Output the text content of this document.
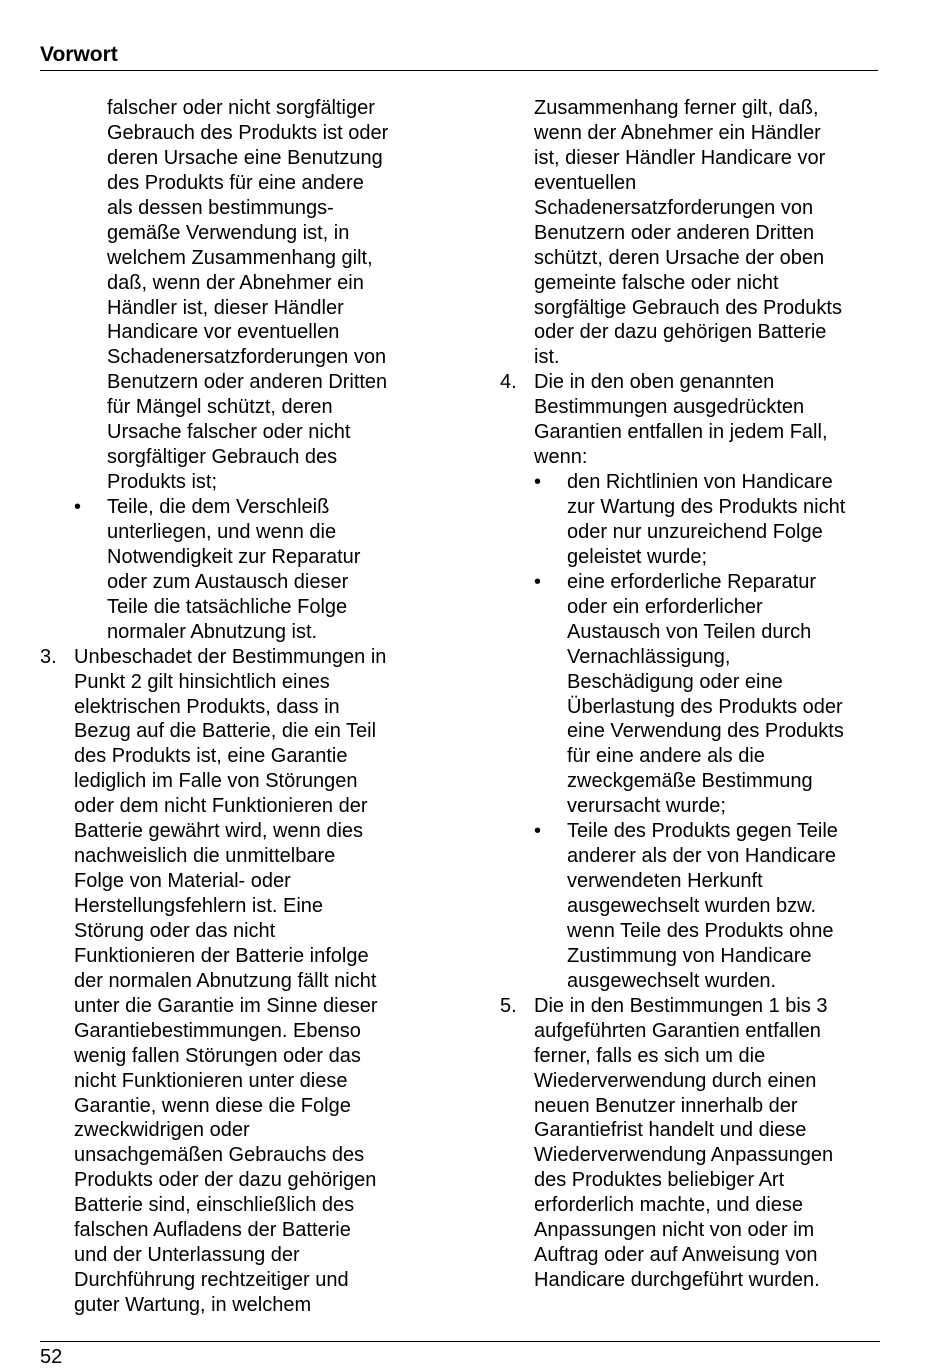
Vorwort
falscher oder nicht sorgfältiger
Gebrauch des Produkts ist oder
deren Ursache eine Benutzung
des Produkts für eine andere
als dessen bestimmungs-
gemäße Verwendung ist, in
welchem Zusammenhang gilt,
daß, wenn der Abnehmer ein
Händler ist, dieser Händler
Handicare vor eventuellen
Schadenersatzforderungen von
Benutzern oder anderen Dritten
für Mängel schützt, deren
Ursache falscher oder nicht
sorgfältiger Gebrauch des
Produkts ist;
• Teile, die dem Verschleiß
unterliegen, und wenn die
Notwendigkeit zur Reparatur
oder zum Austausch dieser
Teile die tatsächliche Folge
normaler Abnutzung ist.
3. Unbeschadet der Bestimmungen in
Punkt 2 gilt hinsichtlich eines
elektrischen Produkts, dass in
Bezug auf die Batterie, die ein Teil
des Produkts ist, eine Garantie
lediglich im Falle von Störungen
oder dem nicht Funktionieren der
Batterie gewährt wird, wenn dies
nachweislich die unmittelbare
Folge von Material- oder
Herstellungsfehlern ist. Eine
Störung oder das nicht
Funktionieren der Batterie infolge
der normalen Abnutzung fällt nicht
unter die Garantie im Sinne dieser
Garantiebestimmungen. Ebenso
wenig fallen Störungen oder das
nicht Funktionieren unter diese
Garantie, wenn diese die Folge
zweckwidrigen oder
unsachgemäßen Gebrauchs des
Produkts oder der dazu gehörigen
Batterie sind, einschließlich des
falschen Aufladens der Batterie
und der Unterlassung der
Durchführung rechtzeitiger und
guter Wartung, in welchem
Zusammenhang ferner gilt, daß,
wenn der Abnehmer ein Händler
ist, dieser Händler Handicare vor
eventuellen
Schadenersatzforderungen von
Benutzern oder anderen Dritten
schützt, deren Ursache der oben
gemeinte falsche oder nicht
sorgfältige Gebrauch des Produkts
oder der dazu gehörigen Batterie
ist.
4. Die in den oben genannten
Bestimmungen ausgedrückten
Garantien entfallen in jedem Fall,
wenn:
• den Richtlinien von Handicare
zur Wartung des Produkts nicht
oder nur unzureichend Folge
geleistet wurde;
• eine erforderliche Reparatur
oder ein erforderlicher
Austausch von Teilen durch
Vernachlässigung,
Beschädigung oder eine
Überlastung des Produkts oder
eine Verwendung des Produkts
für eine andere als die
zweckgemäße Bestimmung
verursacht wurde;
• Teile des Produkts gegen Teile
anderer als der von Handicare
verwendeten Herkunft
ausgewechselt wurden bzw.
wenn Teile des Produkts ohne
Zustimmung von Handicare
ausgewechselt wurden.
5. Die in den Bestimmungen 1 bis 3
aufgeführten Garantien entfallen
ferner, falls es sich um die
Wiederverwendung durch einen
neuen Benutzer innerhalb der
Garantiefrist handelt und diese
Wiederverwendung Anpassungen
des Produktes beliebiger Art
erforderlich machte, und diese
Anpassungen nicht von oder im
Auftrag oder auf Anweisung von
Handicare durchgeführt wurden.
52
